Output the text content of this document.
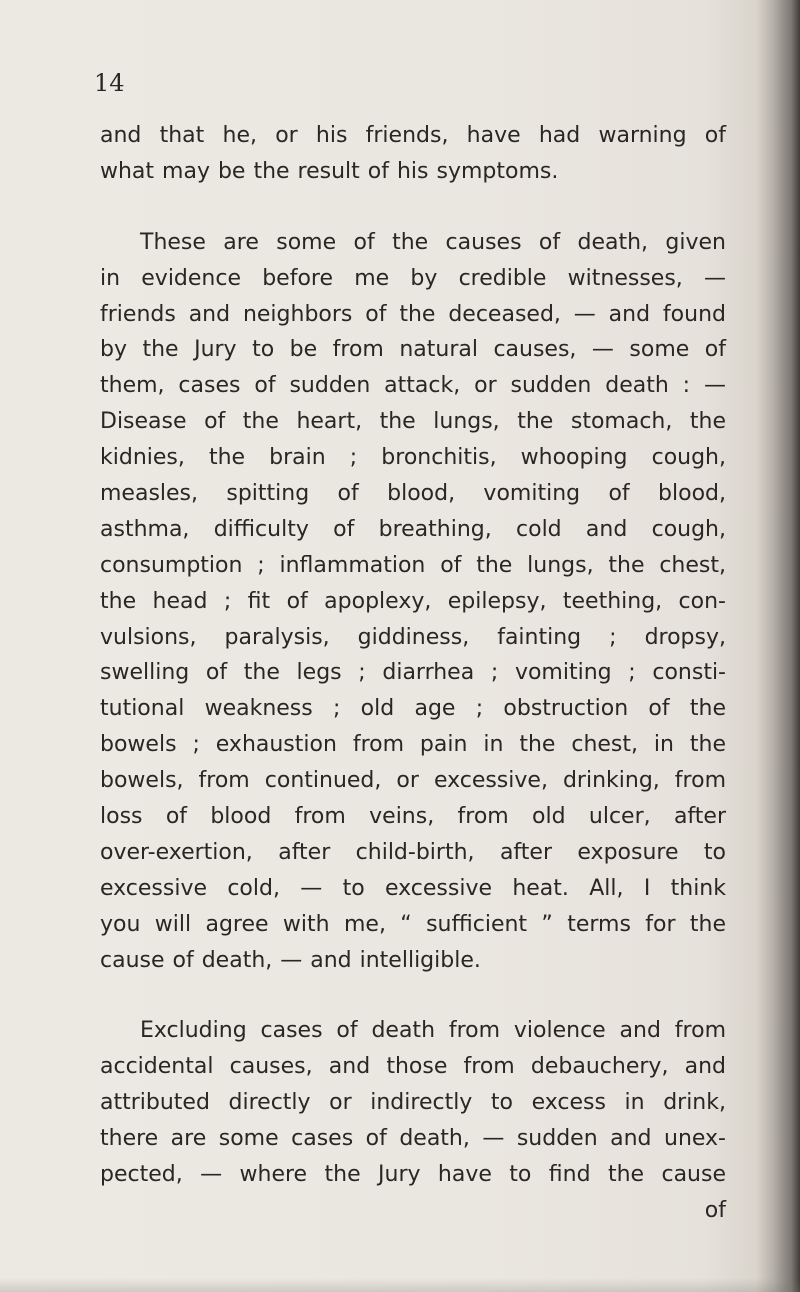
14

and that he, or his friends, have had warning of
what may be the result of his symptoms.
These are some of the causes of death, given
in evidence before me by credible witnesses, —
friends and neighbors of the deceased, — and found
by the Jury to be from natural causes, — some of
them, cases of sudden attack, or sudden death : —
Disease of the heart, the lungs, the stomach, the
kidnies, the brain ; bronchitis, whooping cough,
measles, spitting of blood, vomiting of blood,
asthma, difficulty of breathing, cold and cough,
consumption ; inflammation of the lungs, the chest,
the head ; fit of apoplexy, epilepsy, teething, con-
vulsions, paralysis, giddiness, fainting ; dropsy,
swelling of the legs ; diarrhea ; vomiting ; consti-
tutional weakness ; old age ; obstruction of the
bowels ; exhaustion from pain in the chest, in the
bowels, from continued, or excessive, drinking, from
loss of blood from veins, from old ulcer, after
over-exertion, after child-birth, after exposure to
excessive cold, — to excessive heat. All, I think
you will agree with me, “ sufficient ” terms for the
cause of death, — and intelligible.
Excluding cases of death from violence and from
accidental causes, and those from debauchery, and
attributed directly or indirectly to excess in drink,
there are some cases of death, — sudden and unex-
pected, — where the Jury have to find the cause
of
